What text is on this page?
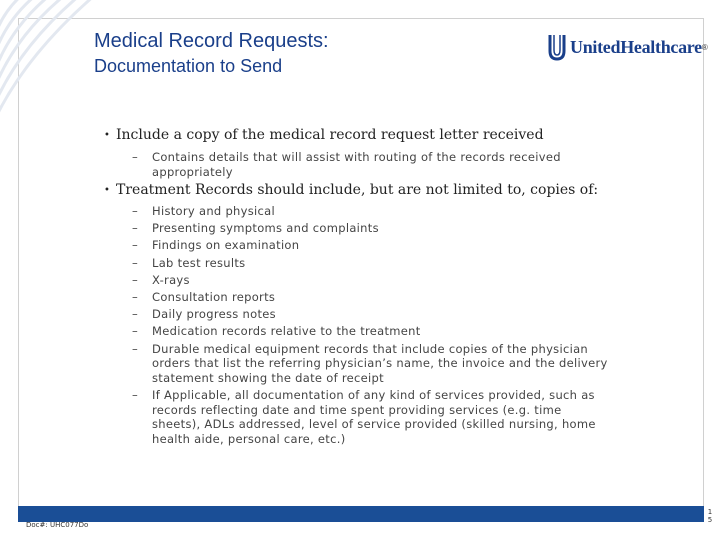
Medical Record Requests:
Documentation to Send
UnitedHealthcare ®
• Include a copy of the medical record request letter received
– Contains details that will assist with routing of the records received
appropriately
• Treatment Records should include, but are not limited to, copies of:
– History and physical
– Presenting symptoms and complaints
– Findings on examination
– Lab test results
– X-rays
– Consultation reports
– Daily progress notes
– Medication records relative to the treatment
– Durable medical equipment records that include copies of the physician
orders that list the referring physician’s name, the invoice and the delivery
statement showing the date of receipt
– If Applicable, all documentation of any kind of services provided, such as
records reflecting date and time spent providing services (e.g. time
sheets), ADLs addressed, level of service provided (skilled nursing, home
health aide, personal care, etc.)
Doc#: UHC077Do
1
5
